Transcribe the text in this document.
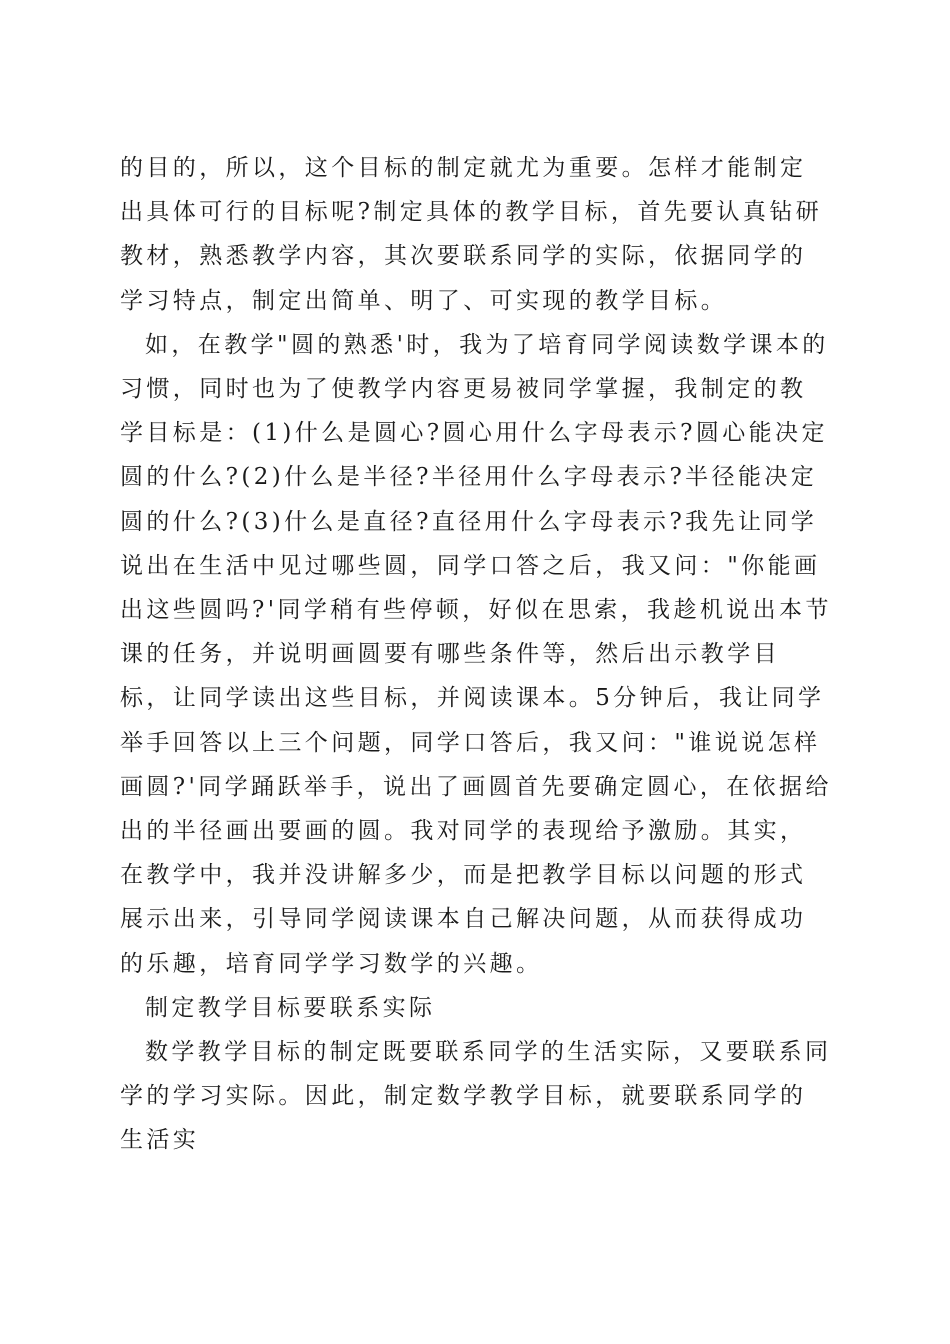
的目的，所以，这个目标的制定就尤为重要。怎样才能制定出具体可行的目标呢?制定具体的教学目标，首先要认真钻研教材，熟悉教学内容，其次要联系同学的实际，依据同学的学习特点，制定出简单、明了、可实现的教学目标。

如，在教学"圆的熟悉'时，我为了培育同学阅读数学课本的习惯，同时也为了使教学内容更易被同学掌握，我制定的教学目标是：(1)什么是圆心?圆心用什么字母表示?圆心能决定圆的什么?(2)什么是半径?半径用什么字母表示?半径能决定圆的什么?(3)什么是直径?直径用什么字母表示?我先让同学说出在生活中见过哪些圆，同学口答之后，我又问："你能画出这些圆吗?'同学稍有些停顿，好似在思索，我趁机说出本节课的任务，并说明画圆要有哪些条件等，然后出示教学目标，让同学读出这些目标，并阅读课本。5分钟后，我让同学举手回答以上三个问题，同学口答后，我又问："谁说说怎样画圆?'同学踊跃举手，说出了画圆首先要确定圆心，在依据给出的半径画出要画的圆。我对同学的表现给予激励。其实，在教学中，我并没讲解多少，而是把教学目标以问题的形式展示出来，引导同学阅读课本自己解决问题，从而获得成功的乐趣，培育同学学习数学的兴趣。

制定教学目标要联系实际

数学教学目标的制定既要联系同学的生活实际，又要联系同学的学习实际。因此，制定数学教学目标，就要联系同学的生活实
